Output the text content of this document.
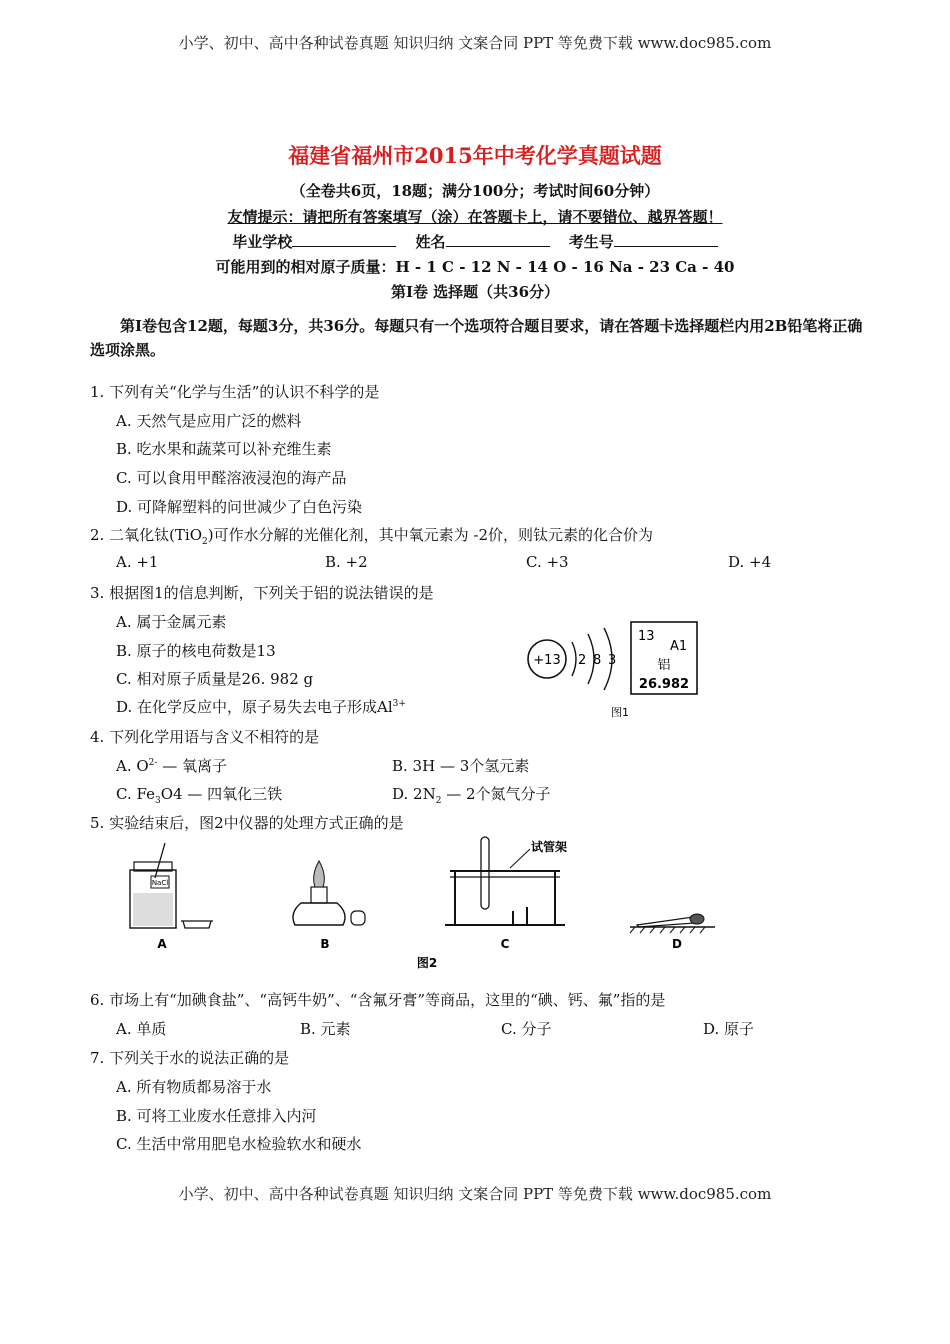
小学、初中、高中各种试卷真题 知识归纳 文案合同 PPT 等免费下载 www.doc985.com
小学、初中、高中各种试卷真题 知识归纳 文案合同 PPT 等免费下载 www.doc985.com
福建省福州市2015年中考化学真题试题
（全卷共6页，18题；满分100分；考试时间60分钟）
友情提示：请把所有答案填写（涂）在答题卡上，请不要错位、越界答题！
毕业学校	姓名	考生号
可能用到的相对原子质量：H - 1 C - 12 N - 14 O - 16 Na - 23 Ca - 40
第Ⅰ卷 选择题（共36分）
第Ⅰ卷包含12题，每题3分，共36分。每题只有一个选项符合题目要求，请在答题卡选择题栏内用2B铅笔将正确选项涂黑。
1. 下列有关“化学与生活”的认识不科学的是
A. 天然气是应用广泛的燃料
B. 吃水果和蔬菜可以补充维生素
C. 可以食用甲醛溶液浸泡的海产品
D. 可降解塑料的问世减少了白色污染
2. 二氧化钛(TiO$_2$)可作水分解的光催化剂，其中氧元素为 -2价，则钛元素的化合价为
A. +1	B. +2	C. +3	D. +4
3. 根据图1的信息判断，下列关于铝的说法错误的是
A. 属于金属元素
B. 原子的核电荷数是13
C. 相对原子质量是26. 982 g
D. 在化学反应中，原子易失去电子形成$Al^{3+}$
+13 2 8 3
13
A1
铝
26.982
图1
4. 下列化学用语与含义不相符的是
A. $O^{2-}$ — 氧离子	B. 3H — 3个氢元素
C. $Fe_3O4$ — 四氧化三铁	D. $2N_2$ — 2个氮气分子
5. 实验结束后，图2中仪器的处理方式正确的是
NaCl
A	B
试管架
C	D
图2
6. 市场上有“加碘食盐”、“高钙牛奶”、“含氟牙膏”等商品，这里的“碘、钙、氟”指的是
A. 单质	B. 元素	C. 分子	D. 原子
7. 下列关于水的说法正确的是
A. 所有物质都易溶于水
B. 可将工业废水任意排入内河
C. 生活中常用肥皂水检验软水和硬水
